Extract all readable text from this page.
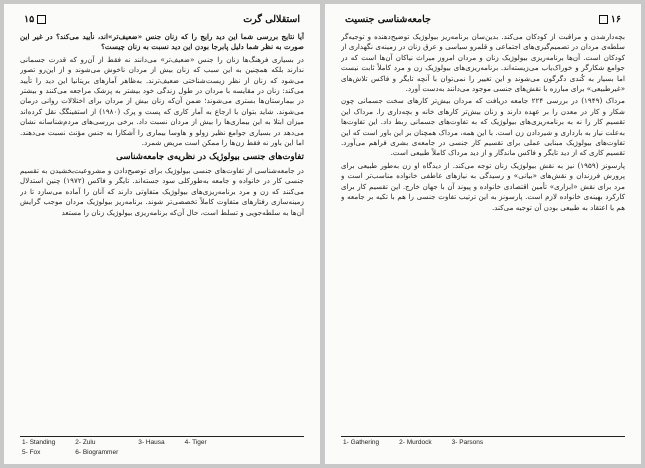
استقلالی گرت
۱۵

آیا نتایج بررسی شما این دید رایج را که زنان جنس «ضعیف‌تر»اند، نأیید می‌کند؟ در غیر این صورت به نظر شما دلیل پابرجا بودن این دید نسبت به زنان چیست؟

در بسیاری فرهنگ‌ها زنان را جنس «ضعیف‌تر» می‌دانند نه فقط از آن‌رو که قدرت جسمانی ندارند بلکه همچنین به این سبب که زنان بیش از مردان ناخوش می‌شوند و از این‌رو تصور می‌شود که زنان از نظر زیست‌شناختی ضعیف‌ترند. به‌ظاهر آمارهای بریتانیا این دید را تأیید می‌کند: زنان در مقایسه با مردان در طول زندگی خود بیشتر به پزشک مراجعه می‌کنند و بیشتر در بیمارستان‌ها بستری می‌شوند؛ ضمن آن‌که زنان بیش از مردان برای اختلالات روانی درمان می‌شوند. شاید بتوان با ارجاع به آمار کاری که پست و پرک (۱۹۸۰) از استفینگگ نقل کرده‌اند میزان ابتلا به این بیماری‌ها را بیش از مردان نسبت داد. برخی بررسی‌های مردم‌شناسانه نشان می‌دهد در بسیاری جوامع نظیر زولو و هاوسا بیماری را آشکارا به جنس مؤنث نسبت می‌دهند. اما این باور نه فقط زن‌ها را ممکن است مریض شمرد.

تفاوت‌های جنسی بیولوژیک در نظریه‌ی جامعه‌شناسی

در جامعه‌شناسی از تفاوت‌های جنسی بیولوژیک برای توضیح‌دادن و مشروعیت‌بخشیدن به تقسیم جنسی کار در خانواده و جامعه به‌طورکلی سود جسته‌اند. تایگر و فاکس (۱۹۷۲) چنین استدلال می‌کنند که زن و مرد برنامه‌ریزی‌های بیولوژیک متفاوتی دارند که آنان را آماده می‌سازد تا در زمینه‌سازی رفتارهای متفاوت کاملاً تخصصی‌تر شوند. برنامه‌ریز بیولوژیک مردان موجب گرایش آن‌ها به سلطه‌جویی و تسلط است، حال آن‌که برنامه‌ریزی بیولوژیک زنان را مستعد

1- Standing	2- Zulu	3- Hausa	4- Tiger
5- Fox	6- Biogrammer
۱۶
جامعه‌شناسی جنسیت

بچه‌دارشدن و مراقبت از کودکان می‌کند. بدین‌سان برنامه‌ریز بیولوژیک توضیح‌دهنده و توجیه‌گر سلطه‌ی مردان در تصمیم‌گیری‌های اجتماعی و قلمرو سیاسی و عرق زنان در زمینه‌ی نگهداری از کودکان است. آن‌ها برنامه‌ریزی بیولوژیک زنان و مردان امروز میراث نیاکان آن‌ها است که در جوامع شکارگر و خوراک‌یاب می‌زیسته‌اند. برنامه‌ریزی‌های بیولوژیک زن و مرد کاملاً ثابت نیست اما بسیار به کُندی دگرگون می‌شوند و این تغییر را نمی‌توان با آنچه تایگر و فاکس تلاش‌های «غیرطبیعی» برای مبارزه با نقش‌های جنسی موجود می‌دانند به‌دست آورد.

مرداک (۱۹۴۹) در بررسی ۲۲۴ جامعه دریافت که مردان بیش‌تر کارهای سخت جسمانی چون شکار و کار در معدن را بر عهده دارند و زنان بیش‌تر کارهای خانه و بچه‌داری را. مرداک این تقسیم کار را نه به برنامه‌ریزی‌های بیولوژیک که به تفاوت‌های جسمانی ربط داد. این تفاوت‌ها به‌علت نیاز به بارداری و شیردادن زن است. با این همه، مرداک همچنان بر این باور است که این تفاوت‌های بیولوژیک مبنایی عملی برای تقسیم کار جنسی در جامعه‌ی بشری فراهم می‌آورد. تقسیم کاری که از دید تایگر و فاکس ماندگار و از دید مرداک کاملاً طبیعی است.

پارسونز (۱۹۵۹) نیز به نقش بیولوژیک زنان توجه می‌کند. از دیدگاه او زن به‌طور طبیعی برای پرورش فرزندان و نقش‌های «بیانی» و رسیدگی به نیازهای عاطفی خانواده مناسب‌تر است و مرد برای نقش «ابزاری» تأمین اقتصادی خانواده و پیوند آن با جهان خارج. این تقسیم کار برای کارکرد بهینه‌ی خانواده لازم است. پارسونز به این ترتیب تفاوت جنسی را هم با تکیه بر جامعه و هم با اعتقاد به طبیعی بودن آن توجیه می‌کند.

1- Gathering	2- Murdock	3- Parsons
